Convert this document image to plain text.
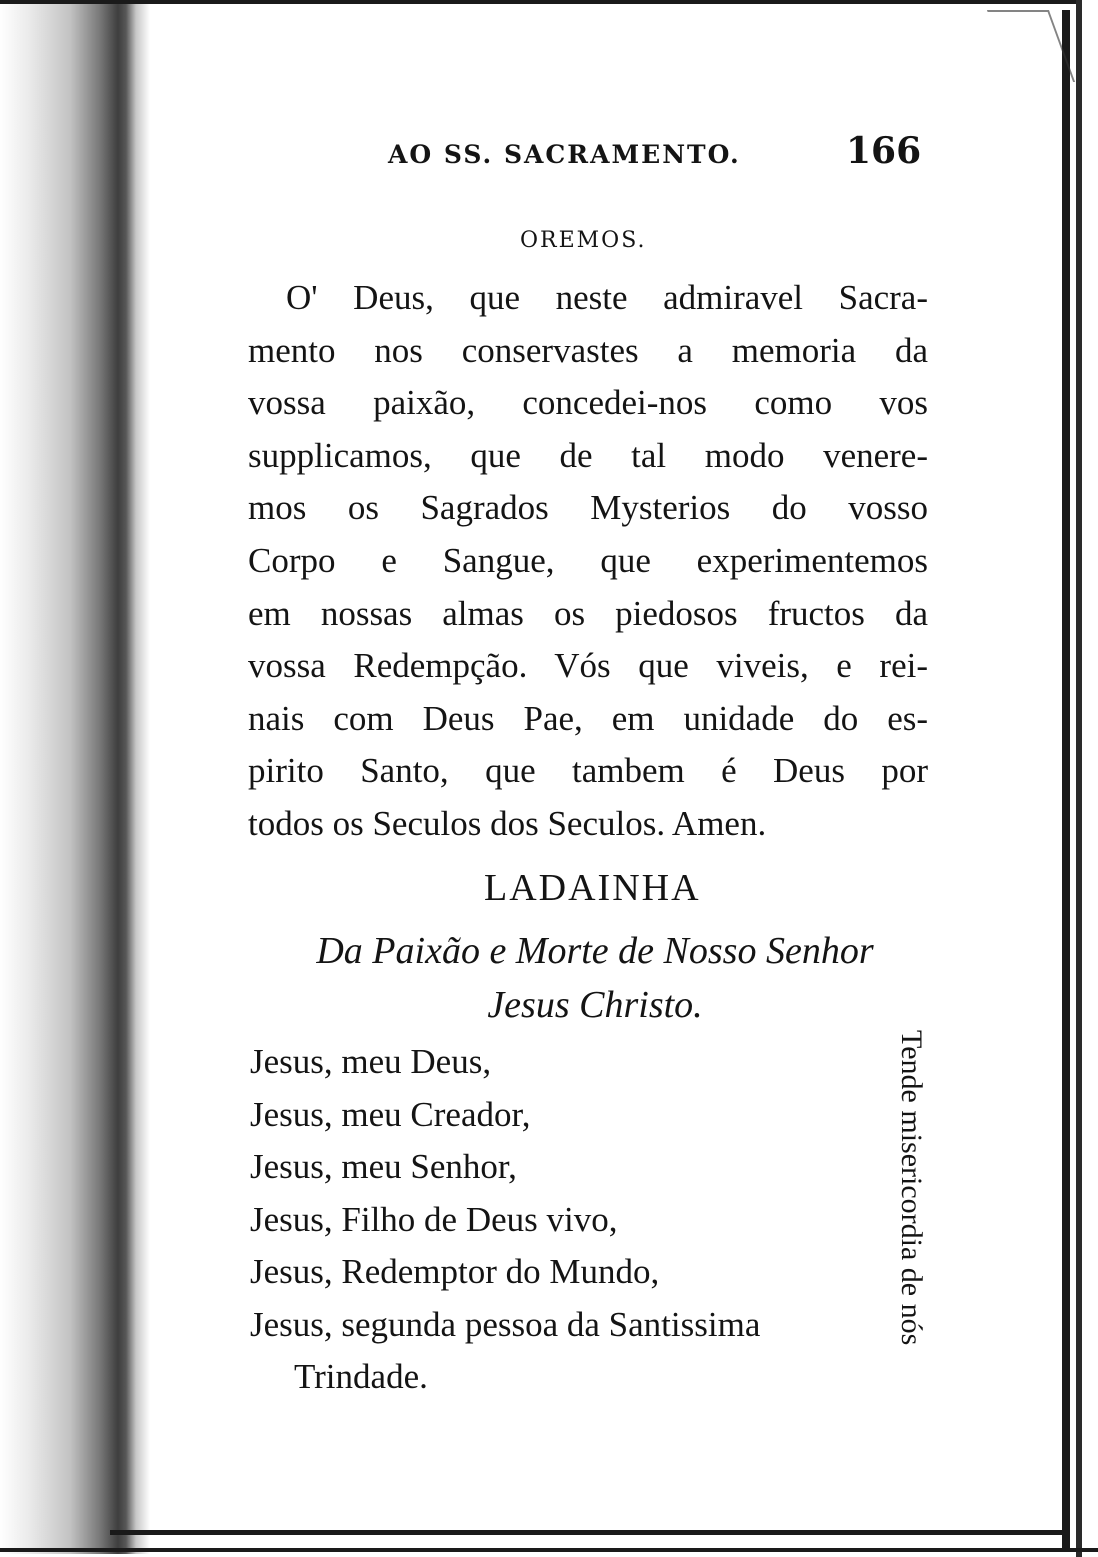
AO SS. SACRAMENTO.	166
OREMOS.

O' Deus, que neste admiravel Sacra-

mento nos conservastes a memoria da

vossa paixão, concedei-nos como vos

supplicamos, que de tal modo venere-

mos os Sagrados Mysterios do vosso

Corpo e Sangue, que experimentemos

em nossas almas os piedosos fructos da

vossa Redempção. Vós que viveis, e rei-

nais com Deus Pae, em unidade do es-

pirito Santo, que tambem é Deus por

todos os Seculos dos Seculos. Amen.

LADAINHA
Da Paixão e Morte de Nosso Senhor
Jesus Christo.
Jesus, meu Deus,
Jesus, meu Creador,
Jesus, meu Senhor,
Jesus, Filho de Deus vivo,
Jesus, Redemptor do Mundo,
Jesus, segunda pessoa da Santissima
Trindade.
Tende misericordia de nós
